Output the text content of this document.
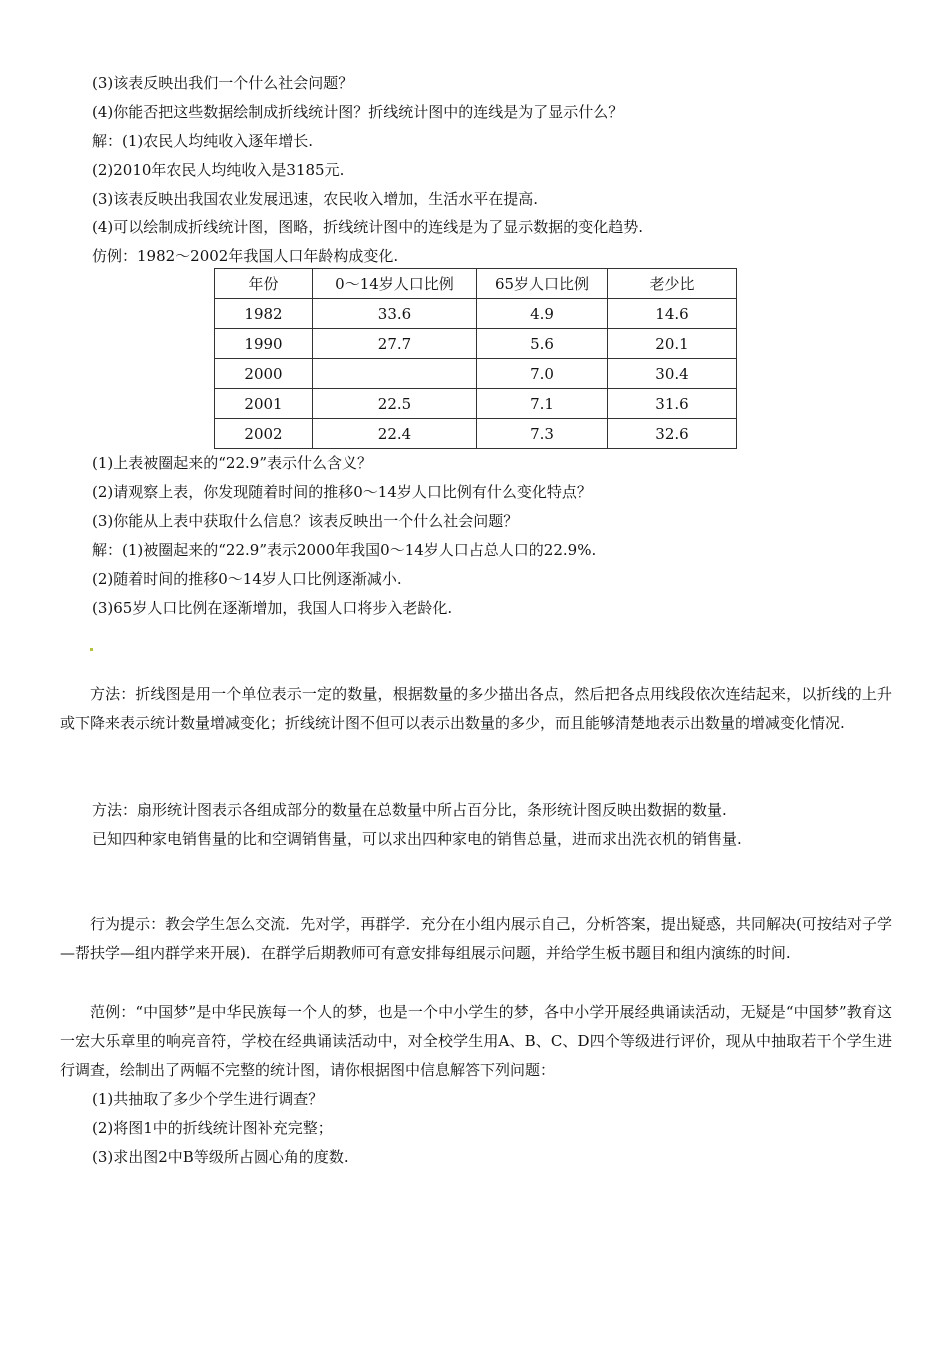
(3)该表反映出我们一个什么社会问题？
(4)你能否把这些数据绘制成折线统计图？折线统计图中的连线是为了显示什么？
解：(1)农民人均纯收入逐年增长.
(2)2010年农民人均纯收入是3185元.
(3)该表反映出我国农业发展迅速，农民收入增加，生活水平在提高.
(4)可以绘制成折线统计图，图略，折线统计图中的连线是为了显示数据的变化趋势.
仿例：1982～2002年我国人口年龄构成变化.
年份	0～14岁人口比例	65岁人口比例	老少比
1982	33.6	4.9	14.6
1990	27.7	5.6	20.1
2000		7.0	30.4
2001	22.5	7.1	31.6
2002	22.4	7.3	32.6
(1)上表被圈起来的“22.9”表示什么含义？
(2)请观察上表，你发现随着时间的推移0～14岁人口比例有什么变化特点？
(3)你能从上表中获取什么信息？该表反映出一个什么社会问题？
解：(1)被圈起来的“22.9”表示2000年我国0～14岁人口占总人口的22.9%.
(2)随着时间的推移0～14岁人口比例逐渐减小.
(3)65岁人口比例在逐渐增加，我国人口将步入老龄化.
方法：折线图是用一个单位表示一定的数量，根据数量的多少描出各点，然后把各点用线段依次连结起来，以折线的上升或下降来表示统计数量增减变化；折线统计图不但可以表示出数量的多少，而且能够清楚地表示出数量的增减变化情况.
方法：扇形统计图表示各组成部分的数量在总数量中所占百分比，条形统计图反映出数据的数量.
已知四种家电销售量的比和空调销售量，可以求出四种家电的销售总量，进而求出洗衣机的销售量.
行为提示：教会学生怎么交流．先对学，再群学．充分在小组内展示自己，分析答案，提出疑惑，共同解决(可按结对子学—帮扶学—组内群学来开展)．在群学后期教师可有意安排每组展示问题，并给学生板书题目和组内演练的时间.
范例：“中国梦”是中华民族每一个人的梦，也是一个中小学生的梦，各中小学开展经典诵读活动，无疑是“中国梦”教育这一宏大乐章里的响亮音符，学校在经典诵读活动中，对全校学生用A、B、C、D四个等级进行评价，现从中抽取若干个学生进行调查，绘制出了两幅不完整的统计图，请你根据图中信息解答下列问题：
(1)共抽取了多少个学生进行调查？
(2)将图1中的折线统计图补充完整；
(3)求出图2中B等级所占圆心角的度数.
